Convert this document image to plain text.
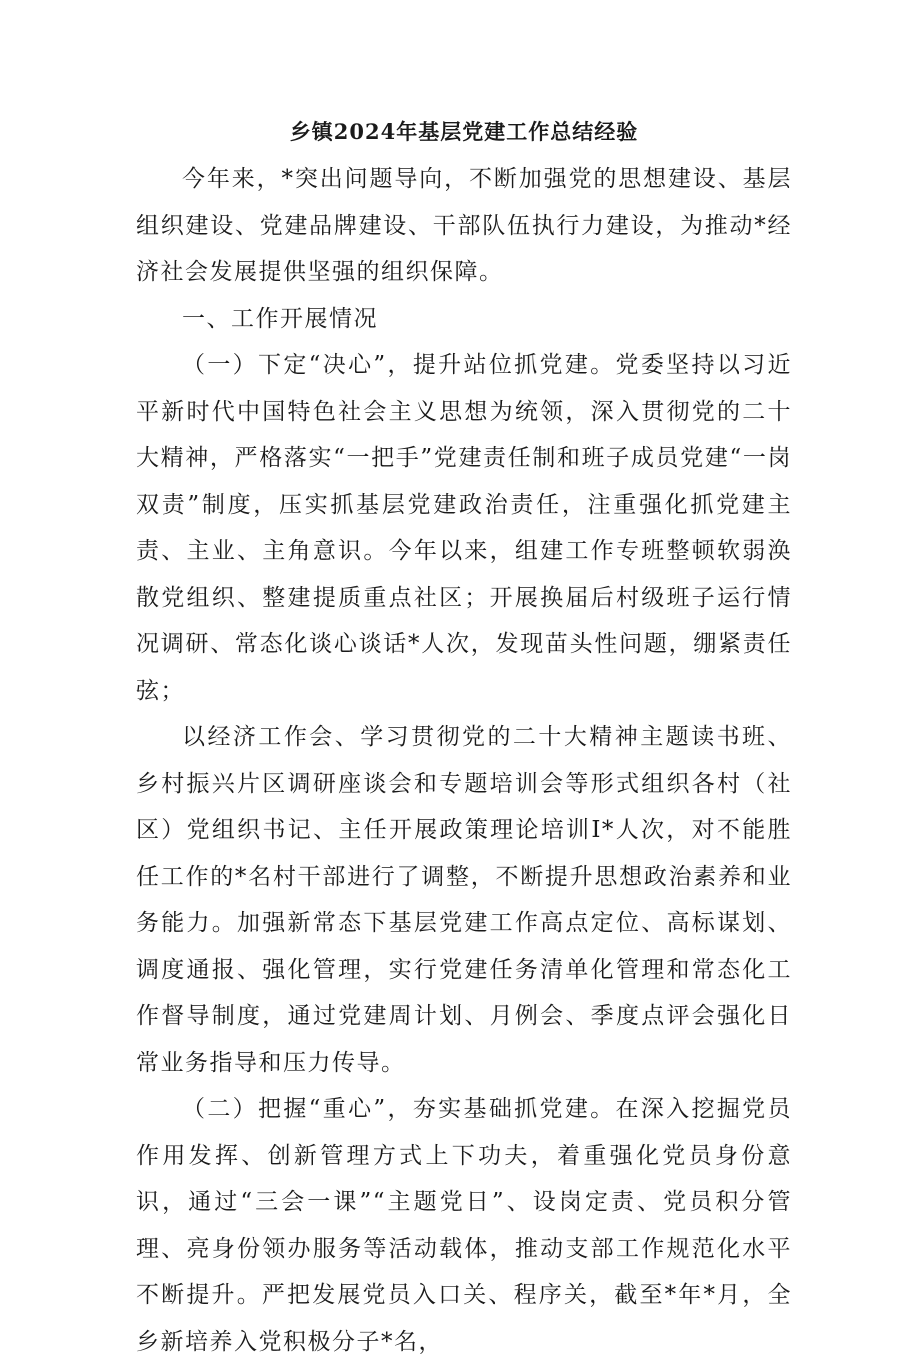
乡镇2024年基层党建工作总结经验

今年来，*突出问题导向，不断加强党的思想建设、基层组织建设、党建品牌建设、干部队伍执行力建设，为推动*经济社会发展提供坚强的组织保障。

一、工作开展情况

（一）下定“决心”，提升站位抓党建。党委坚持以习近平新时代中国特色社会主义思想为统领，深入贯彻党的二十大精神，严格落实“一把手”党建责任制和班子成员党建“一岗双责”制度，压实抓基层党建政治责任，注重强化抓党建主责、主业、主角意识。今年以来，组建工作专班整顿软弱涣散党组织、整建提质重点社区；开展换届后村级班子运行情况调研、常态化谈心谈话*人次，发现苗头性问题，绷紧责任弦；

以经济工作会、学习贯彻党的二十大精神主题读书班、乡村振兴片区调研座谈会和专题培训会等形式组织各村（社区）党组织书记、主任开展政策理论培训I*人次，对不能胜任工作的*名村干部进行了调整，不断提升思想政治素养和业务能力。加强新常态下基层党建工作高点定位、高标谋划、调度通报、强化管理，实行党建任务清单化管理和常态化工作督导制度，通过党建周计划、月例会、季度点评会强化日常业务指导和压力传导。

（二）把握“重心”，夯实基础抓党建。在深入挖掘党员作用发挥、创新管理方式上下功夫，着重强化党员身份意识，通过“三会一课”“主题党日”、设岗定责、党员积分管理、亮身份领办服务等活动载体，推动支部工作规范化水平不断提升。严把发展党员入口关、程序关，截至*年*月，全乡新培养入党积极分子*名，
